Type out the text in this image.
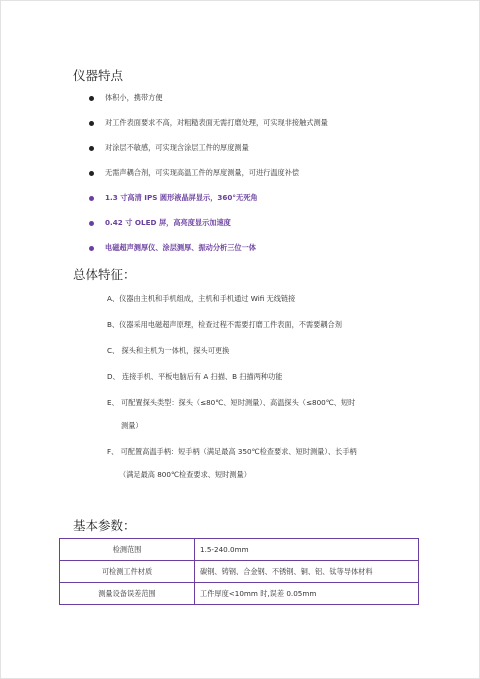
仪器特点
体积小，携带方便
对工件表面要求不高，对粗糙表面无需打磨处理，可实现非接触式测量
对涂层不敏感，可实现含涂层工件的厚度测量
无需声耦合剂，可实现高温工件的厚度测量，可进行温度补偿
1.3 寸高清 IPS 圆形液晶屏显示，360°无死角
0.42 寸 OLED 屏，高亮度显示加速度
电磁超声测厚仪、涂层测厚、振动分析三位一体
总体特征：
A、仪器由主机和手机组成，主机和手机通过 Wifi 无线链接
B、仪器采用电磁超声原理，检查过程不需要打磨工件表面，不需要耦合剂
C、 探头和主机为一体机，探头可更换
D、 连接手机、平板电脑后有 A 扫描、B 扫描两种功能
E、 可配置探头类型：探头（≤80℃、短时测量）、高温探头（≤800℃、短时
测量）
F、 可配置高温手柄：短手柄（满足最高 350℃检查要求、短时测量）、长手柄
（满足最高 800℃检查要求、短时测量）
基本参数：
检测范围	1.5-240.0mm
可检测工件材质	碳钢、铸钢、合金钢、不锈钢、铜、铝、钛等导体材料
测量设备误差范围	工件厚度<10mm 时,误差 0.05mm
